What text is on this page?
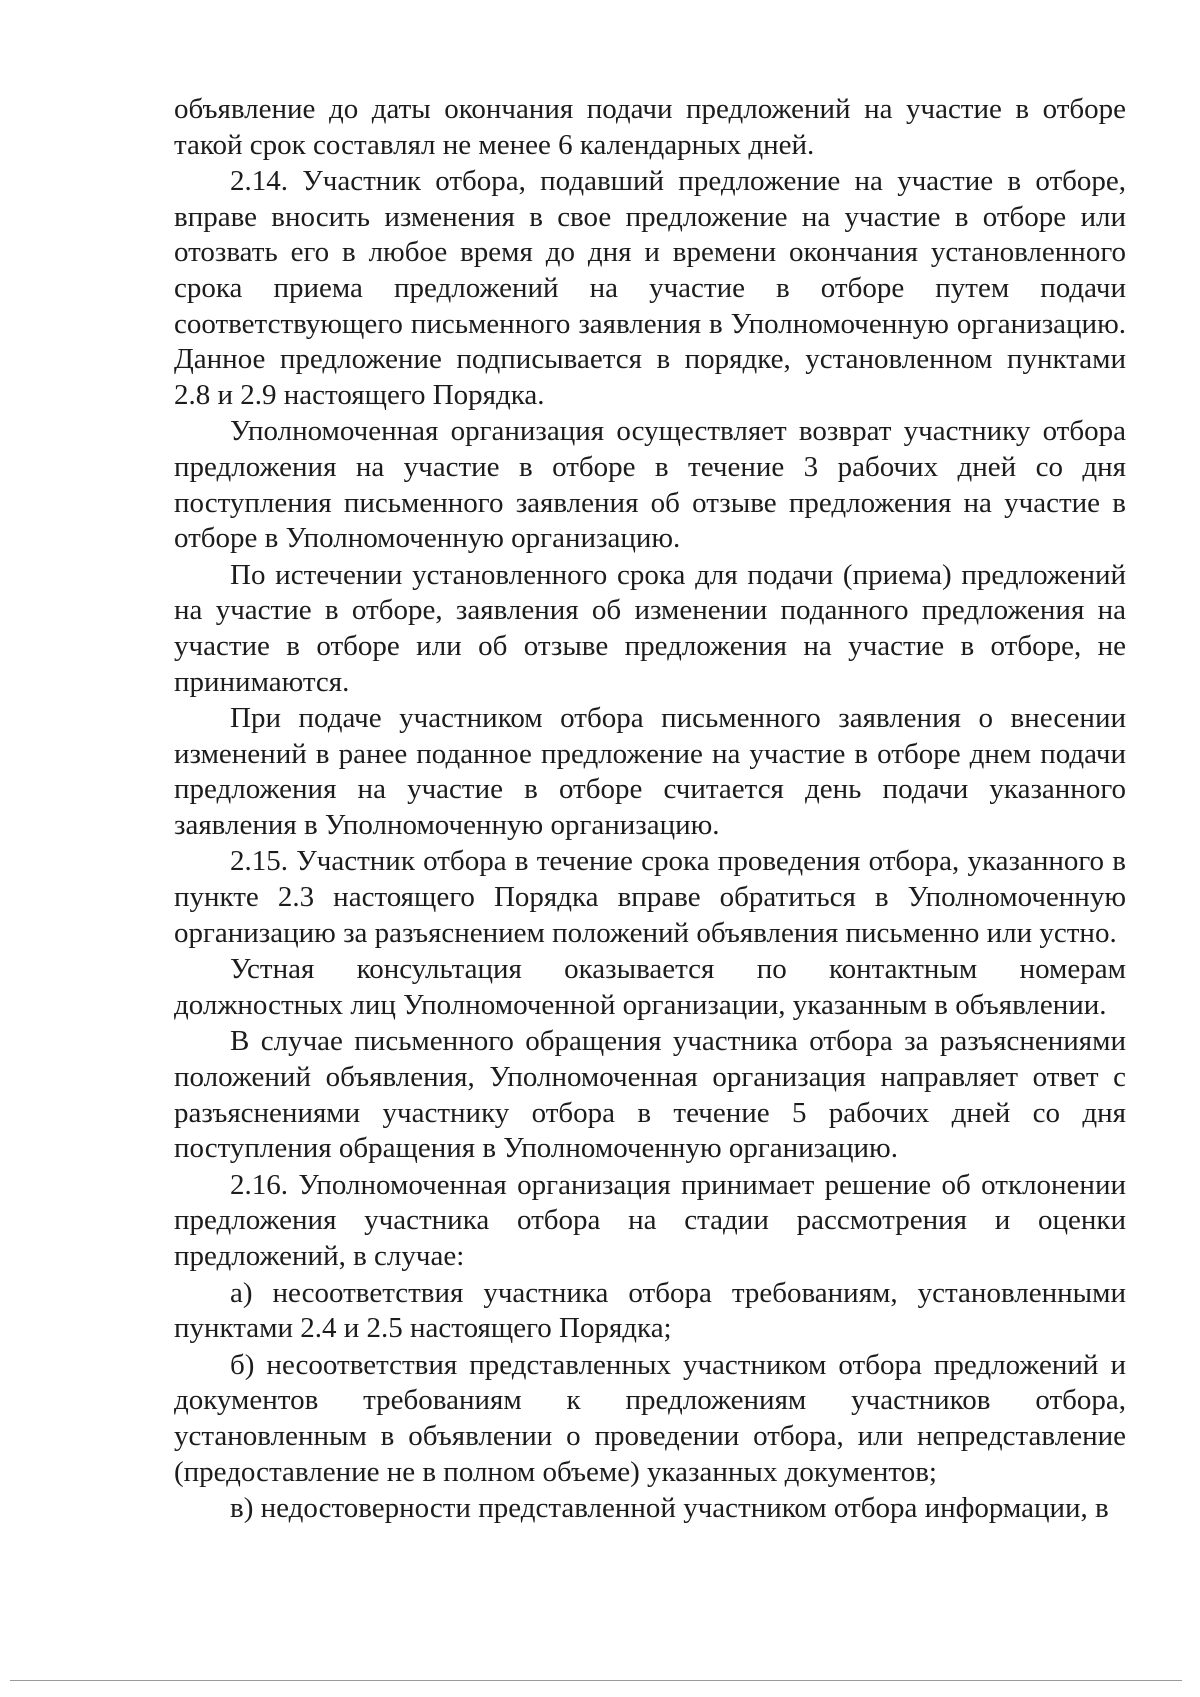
объявление до даты окончания подачи предложений на участие в отборе такой срок составлял не менее 6 календарных дней.

2.14. Участник отбора, подавший предложение на участие в отборе, вправе вносить изменения в свое предложение на участие в отборе или отозвать его в любое время до дня и времени окончания установленного срока приема предложений на участие в отборе путем подачи соответствующего письменного заявления в Уполномоченную организацию. Данное предложение подписывается в порядке, установленном пунктами 2.8 и 2.9 настоящего Порядка.

Уполномоченная организация осуществляет возврат участнику отбора предложения на участие в отборе в течение 3 рабочих дней со дня поступления письменного заявления об отзыве предложения на участие в отборе в Уполномоченную организацию.

По истечении установленного срока для подачи (приема) предложений на участие в отборе, заявления об изменении поданного предложения на участие в отборе или об отзыве предложения на участие в отборе, не принимаются.

При подаче участником отбора письменного заявления о внесении изменений в ранее поданное предложение на участие в отборе днем подачи предложения на участие в отборе считается день подачи указанного заявления в Уполномоченную организацию.

2.15. Участник отбора в течение срока проведения отбора, указанного в пункте 2.3 настоящего Порядка вправе обратиться в Уполномоченную организацию за разъяснением положений объявления письменно или устно.

Устная консультация оказывается по контактным номерам должностных лиц Уполномоченной организации, указанным в объявлении.

В случае письменного обращения участника отбора за разъяснениями положений объявления, Уполномоченная организация направляет ответ с разъяснениями участнику отбора в течение 5 рабочих дней со дня поступления обращения в Уполномоченную организацию.

2.16. Уполномоченная организация принимает решение об отклонении предложения участника отбора на стадии рассмотрения и оценки предложений, в случае:

а) несоответствия участника отбора требованиям, установленными пунктами 2.4 и 2.5 настоящего Порядка;

б) несоответствия представленных участником отбора предложений и документов требованиям к предложениям участников отбора, установленным в объявлении о проведении отбора, или непредставление (предоставление не в полном объеме) указанных документов;

в) недостоверности представленной участником отбора информации, в
